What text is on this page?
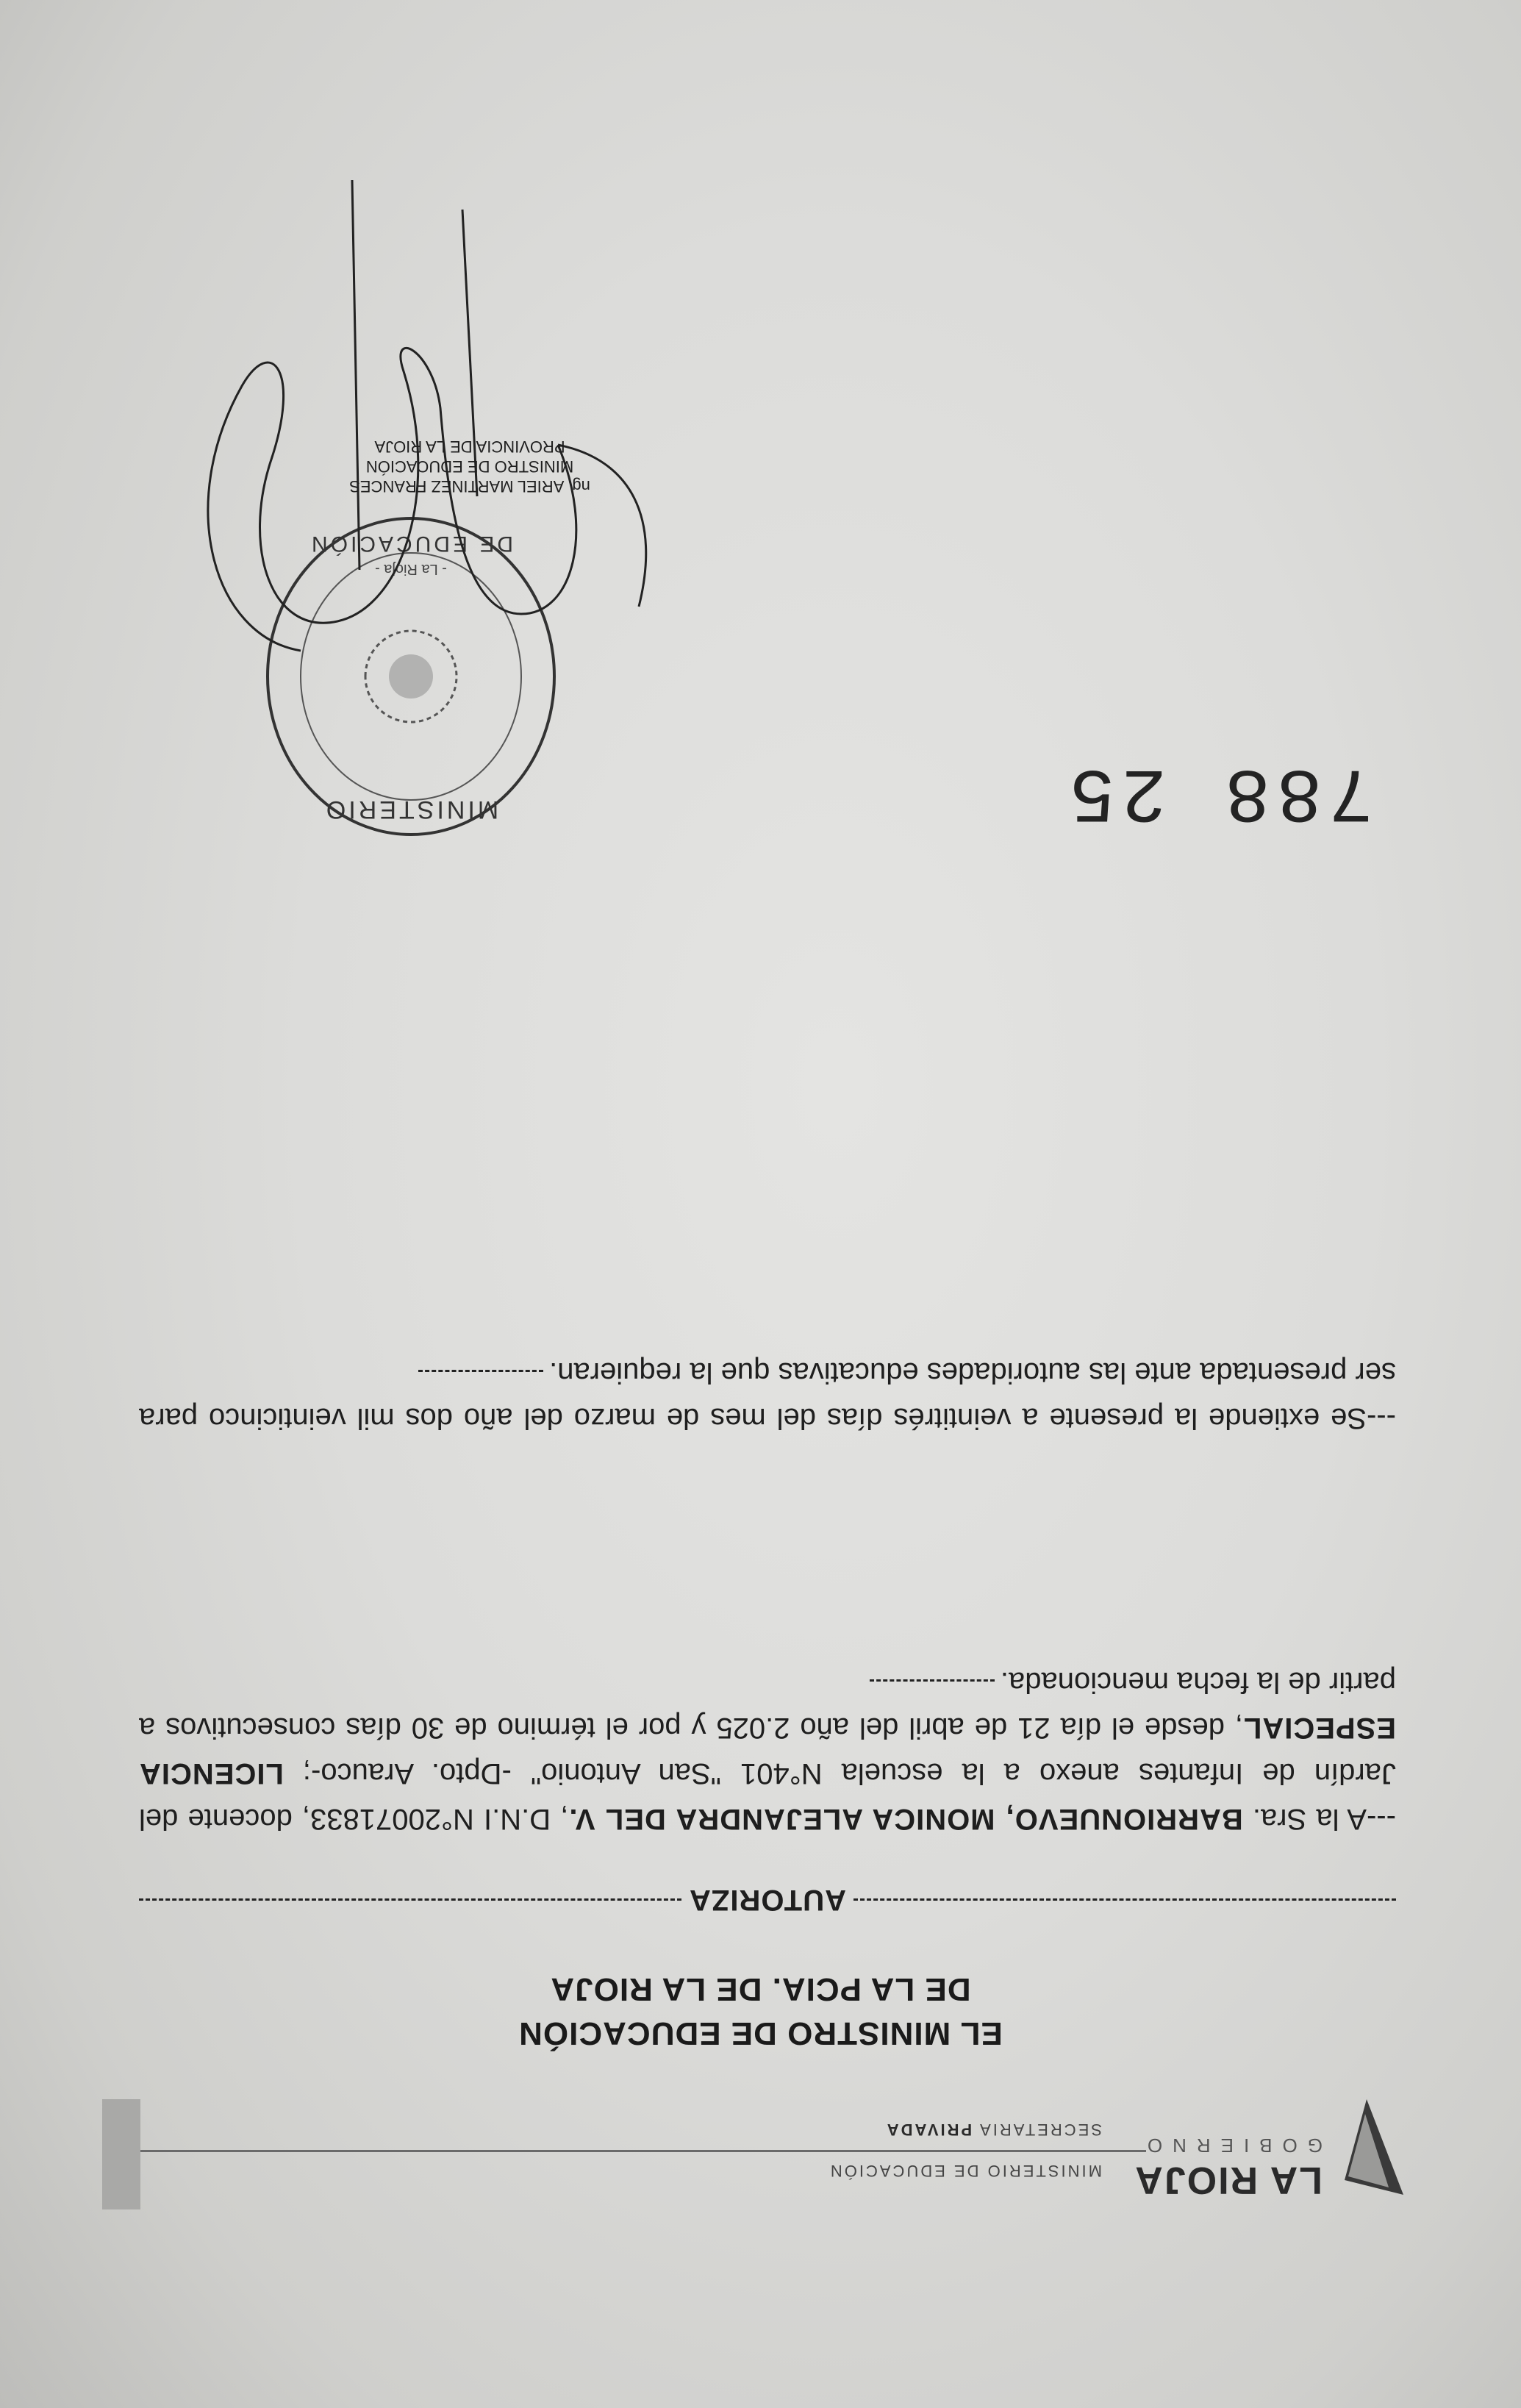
LA RIOJA
GOBIERNO
MINISTERIO DE EDUCACIÓN
SECRETARIA PRIVADA
EL MINISTRO DE EDUCACIÓN
DE LA PCIA. DE LA RIOJA
AUTORIZA
---A la Sra. BARRIONUEVO, MONICA ALEJANDRA DEL V., D.N.I N°20071833, docente del Jardín de Infantes anexo a la escuela N°401 "San Antonio" -Dpto. Arauco-; LICENCIA ESPECIAL, desde el día 21 de abril del año 2.025 y por el término de 30 días consecutivos a partir de la fecha mencionada.
---Se extiende la presente a veintitrés días del mes de marzo del año dos mil veinticinco para ser presentada ante las autoridades educativas que la requieran.
MINISTERIO
DE EDUCACIÓN
- La Rioja -
788 25
ng. ARIEL MARTINEZ FRANCES
MINISTRO DE EDUCACIÓN
PROVINCIA DE LA RIOJA
